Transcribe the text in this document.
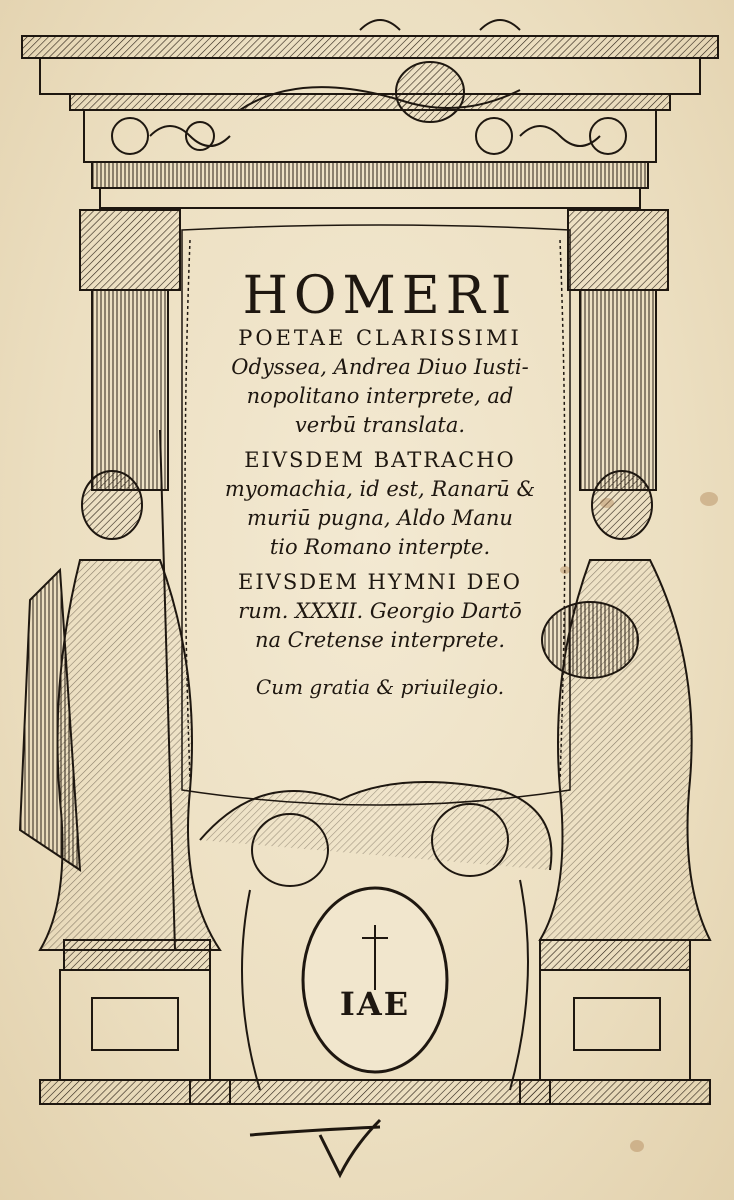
IAE
HOMERI
POETAE CLARISSIMI
Odyssea, Andrea Diuo Iusti-
nopolitano interprete, ad
verbū translata.
EIVSDEM BATRACHO
myomachia, id est, Ranarū &
muriū pugna, Aldo Manu
tio Romano interpte.
EIVSDEM HYMNI DEO
rum. XXXII. Georgio Dartō
na Cretense interprete.
Cum gratia & priuilegio.
